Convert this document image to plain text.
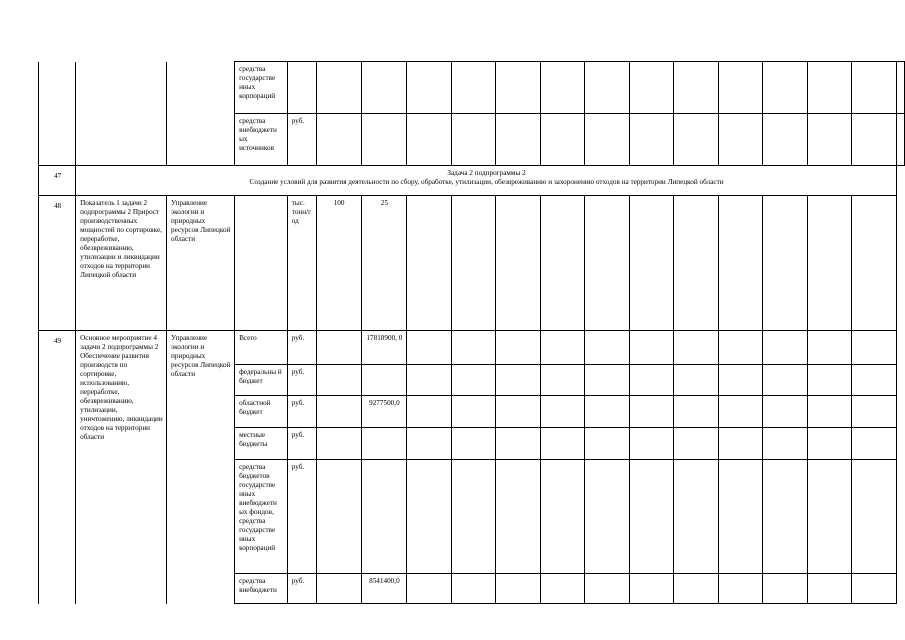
			средства государстве нных корпораций															
			средства внебюджетн ых источников	руб.														
47	Задача 2 подпрограммы 2
Создание условий для развития деятельности по сбору, обработке, утилизации, обезвреживанию и захоронению отходов на территории Липецкой области																	

48	Показатель 1 задачи 2 подпрограммы 2 Прирост производственных мощностей по сортировке, переработке, обезвреживанию, утилизации и ликвидации отходов на территории Липецкой области	Управление экологии и природных ресурсов Липецкой области		тыс. тонн/г од	100	25												
49	Основное мероприятие 4 задачи 2 подпрограммы 2 Обеспечение развития производств по сортировке, использованию, переработке, обезвреживанию, утилизации, уничтожению, ликвидации отходов на территории области	Управление экологии и природных ресурсов Липецкой области	Всего	руб.		17818900, 0												
			федеральны й бюджет	руб.														
			областной бюджет	руб.		9277500,0												
			местные бюджеты	руб.														
			средства бюджетов государстве нных внебюджетн ых фондов, средства государстве нных корпораций	руб.														
			средства внебюджетн	руб.		8541400,0												
